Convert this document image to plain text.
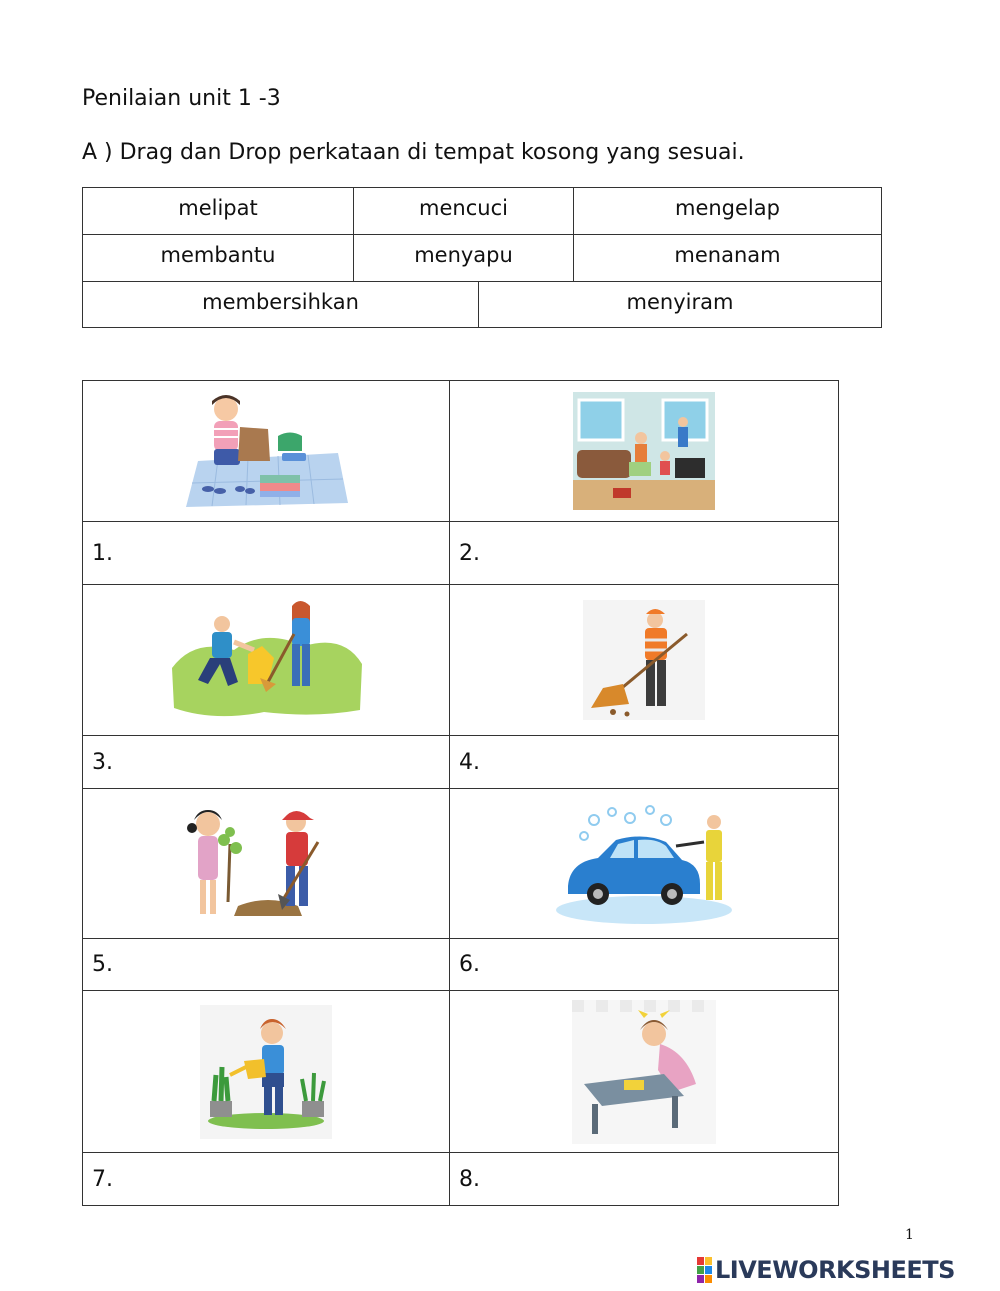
Penilaian unit 1 -3
A ) Drag dan Drop perkataan di tempat kosong yang sesuai.
melipat	mencuci	mengelap
membantu	menyapu	menanam
membersihkan	menyiram
1.	2.
3.	4.
5.	6.
7.	8.
1
LIVEWORKSHEETS
